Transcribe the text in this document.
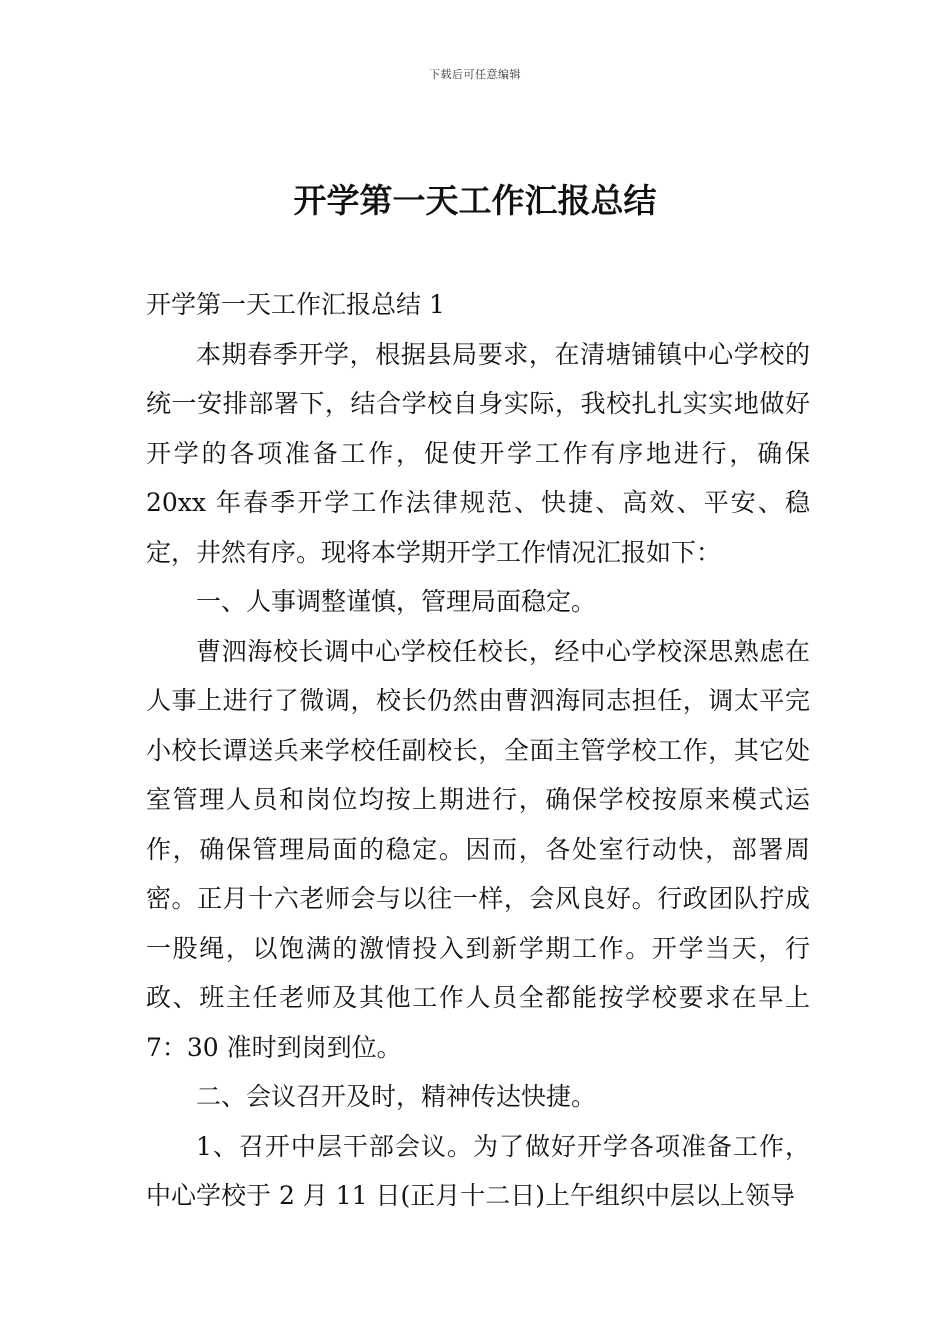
下载后可任意编辑
开学第一天工作汇报总结

开学第一天工作汇报总结 1

本期春季开学，根据县局要求，在清塘铺镇中心学校的统一安排部署下，结合学校自身实际，我校扎扎实实地做好开学的各项准备工作，促使开学工作有序地进行，确保 20xx 年春季开学工作法律规范、快捷、高效、平安、稳定，井然有序。现将本学期开学工作情况汇报如下：

一、人事调整谨慎，管理局面稳定。

曹泗海校长调中心学校任校长，经中心学校深思熟虑在人事上进行了微调，校长仍然由曹泗海同志担任，调太平完小校长谭送兵来学校任副校长，全面主管学校工作，其它处室管理人员和岗位均按上期进行，确保学校按原来模式运作，确保管理局面的稳定。因而，各处室行动快，部署周密。正月十六老师会与以往一样，会风良好。行政团队拧成一股绳，以饱满的激情投入到新学期工作。开学当天，行政、班主任老师及其他工作人员全都能按学校要求在早上 7：30 准时到岗到位。

二、会议召开及时，精神传达快捷。

1、召开中层干部会议。为了做好开学各项准备工作，中心学校于 2 月 11 日(正月十二日)上午组织中层以上领导
